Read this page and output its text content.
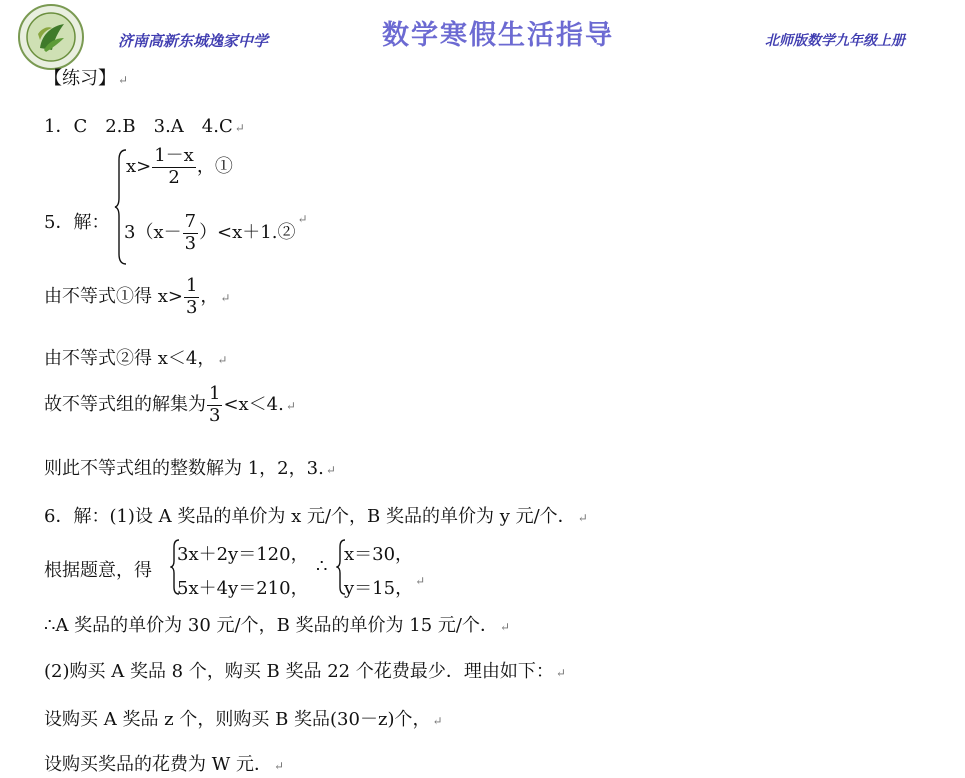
济南高新东城逸家中学	数学寒假生活指导	北师版数学九年级上册
【练习】 ↵
1．C　2.B　3.A　4.C ↵
5．解：
$x> \frac{1-x}{2}$ ，①
$3(x- \frac{7}{3}$ ）<x＋1.②↵
由不等式①得 $x> \frac{1}{3}$ ， ↵
由不等式②得 x＜4， ↵
故不等式组的解集为 $\frac{1}{3} <x<4$. ↵
则此不等式组的整数解为 1，2，3. ↵
6．解：(1)设 A 奖品的单价为 x 元/个，B 奖品的单价为 y 元/个． ↵
根据题意，得
3x＋2y＝120，
5x＋4y＝210，
∴
x＝30，
y＝15， ↵
∴A 奖品的单价为 30 元/个，B 奖品的单价为 15 元/个． ↵
(2)购买 A 奖品 8 个，购买 B 奖品 22 个花费最少．理由如下： ↵
设购买 A 奖品 z 个，则购买 B 奖品(30－z)个， ↵
设购买奖品的花费为 W 元． ↵
